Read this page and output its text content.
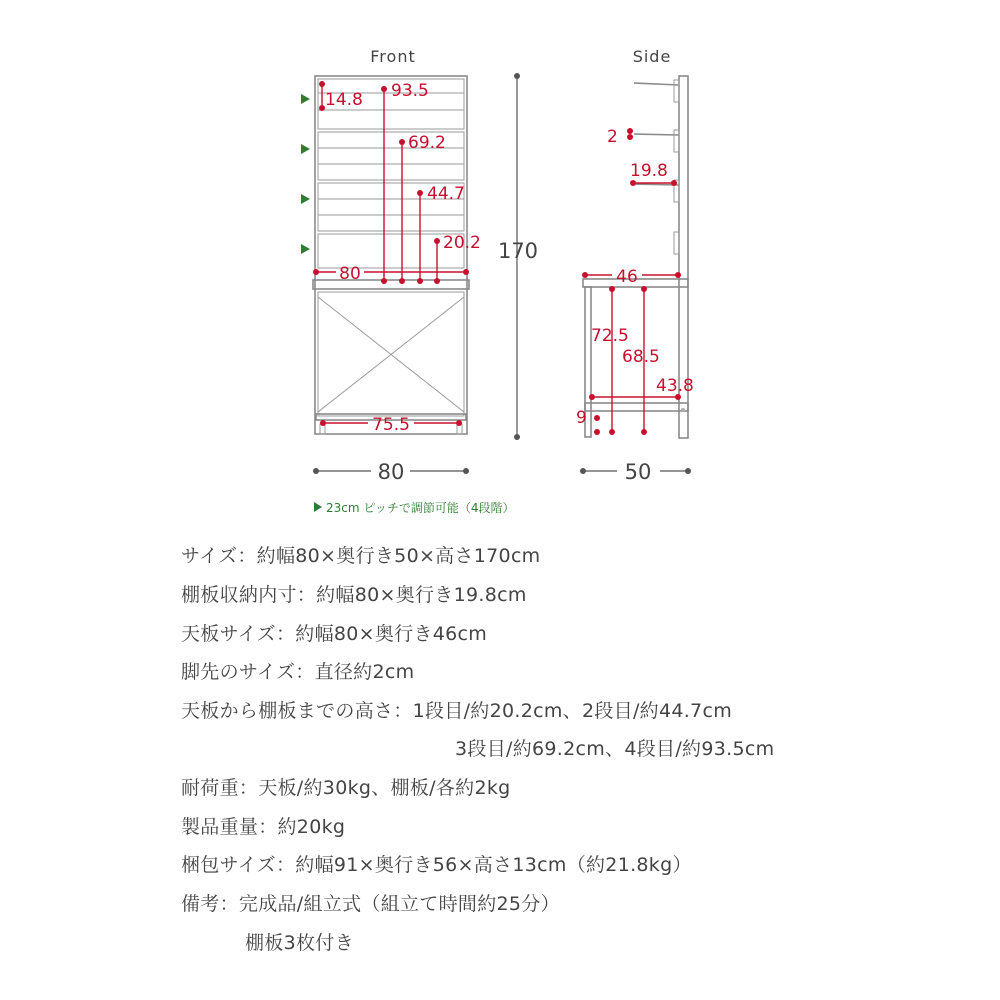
Front
14.8 93.5
69.2
44.7
20.2
80
75.5
170
80
Side
2
19.8
46
72.5
68.5
43.8
9
50
23cm ピッチで調節可能（4段階）
サイズ：約幅80×奥行き50×高さ170cm
棚板収納内寸：約幅80×奥行き19.8cm
天板サイズ：約幅80×奥行き46cm
脚先のサイズ：直径約2cm
天板から棚板までの高さ：1段目/約20.2cm、2段目/約44.7cm
3段目/約69.2cm、4段目/約93.5cm
耐荷重：天板/約30kg、棚板/各約2kg
製品重量：約20kg
梱包サイズ：約幅91×奥行き56×高さ13cm（約21.8kg）
備考：完成品/組立式（組立て時間約25分）
棚板3枚付き
